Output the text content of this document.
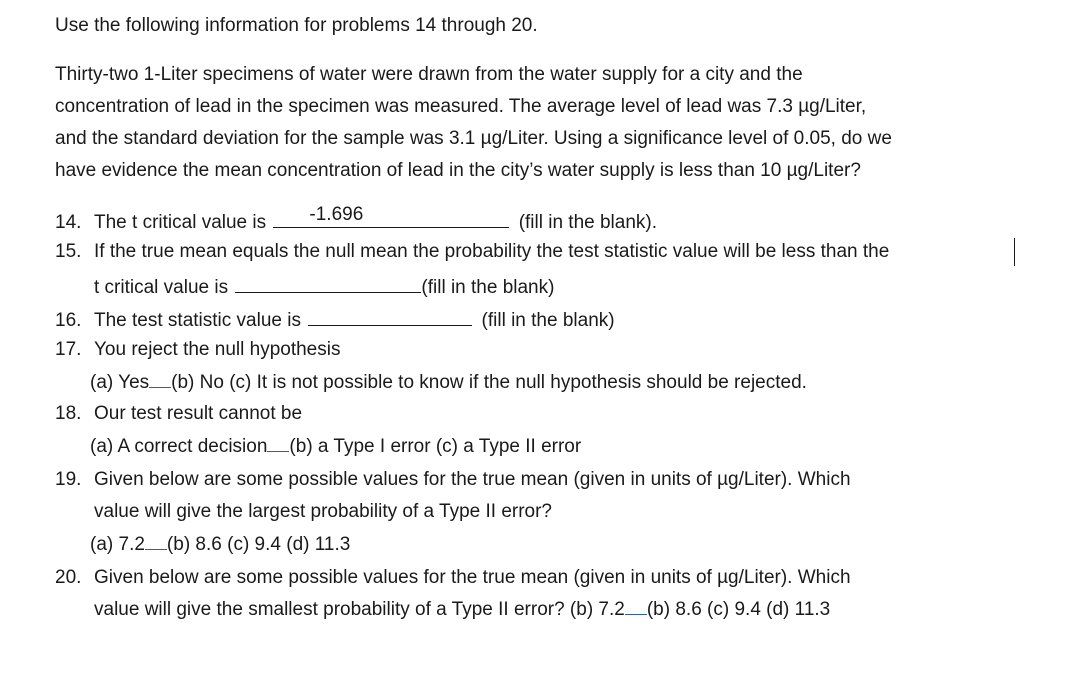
Use the following information for problems 14 through 20.
Thirty-two 1-Liter specimens of water were drawn from the water supply for a city and the
concentration of lead in the specimen was measured. The average level of lead was 7.3 µg/Liter,
and the standard deviation for the sample was 3.1 µg/Liter. Using a significance level of 0.05, do we
have evidence the mean concentration of lead in the city’s water supply is less than 10 µg/Liter?
14. The t critical value is -1.696	(fill in the blank).
15. If the true mean equals the null mean the probability the test statistic value will be less than the
t critical value is	(fill in the blank)
16. The test statistic value is	(fill in the blank)
17. You reject the null hypothesis
(a) Yes (b) No (c) It is not possible to know if the null hypothesis should be rejected.
18. Our test result cannot be
(a) A correct decision (b) a Type I error (c) a Type II error
19. Given below are some possible values for the true mean (given in units of µg/Liter). Which
value will give the largest probability of a Type II error?
(a) 7.2 (b) 8.6 (c) 9.4 (d) 11.3
20. Given below are some possible values for the true mean (given in units of µg/Liter). Which
value will give the smallest probability of a Type II error? (b) 7.2 (b) 8.6 (c) 9.4 (d) 11.3
